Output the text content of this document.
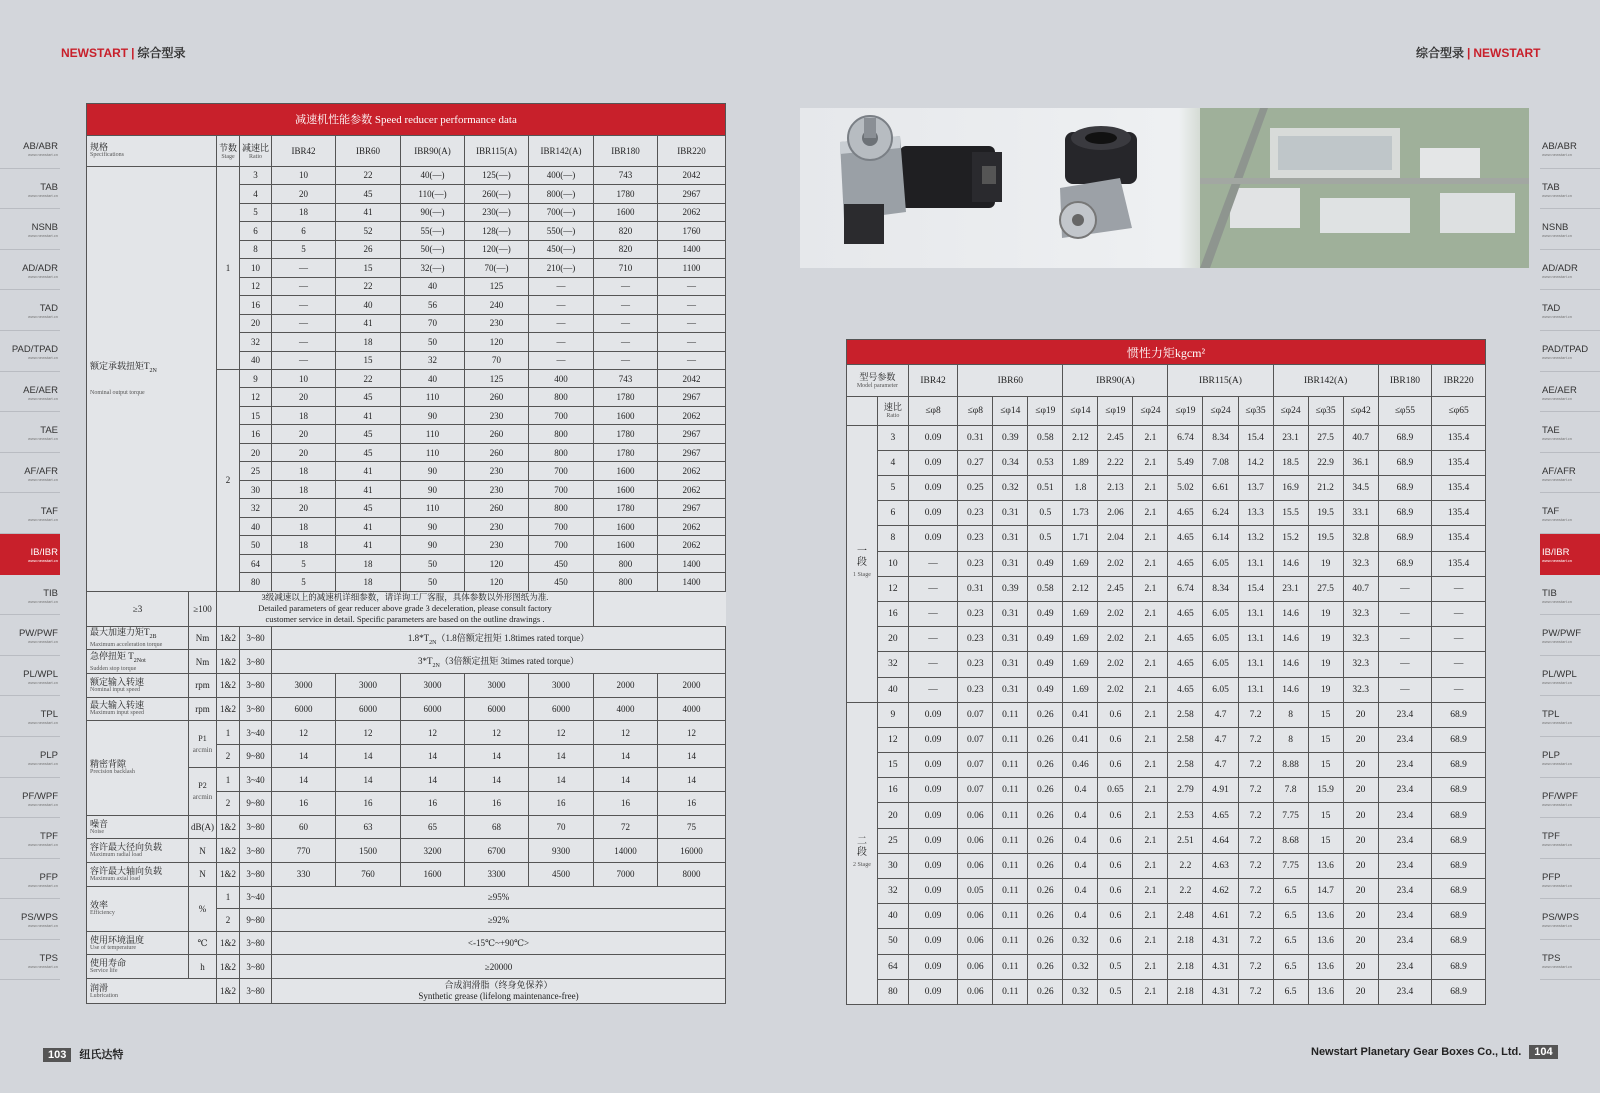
NEWSTART | 综合型录	综合型录 | NEWSTART
AB/ABR
www.newstart.cn
TAB
www.newstart.cn
NSNB
www.newstart.cn
AD/ADR
www.newstart.cn
TAD
www.newstart.cn
PAD/TPAD
www.newstart.cn
AE/AER
www.newstart.cn
TAE
www.newstart.cn
AF/AFR
www.newstart.cn
TAF
www.newstart.cn
IB/IBR
www.newstart.cn
TIB
www.newstart.cn
PW/PWF
www.newstart.cn
PL/WPL
www.newstart.cn
TPL
www.newstart.cn
PLP
www.newstart.cn
PF/WPF
www.newstart.cn
TPF
www.newstart.cn
PFP
www.newstart.cn
PS/WPS
www.newstart.cn
TPS
www.newstart.cn
AB/ABR
www.newstart.cn
TAB
www.newstart.cn
NSNB
www.newstart.cn
AD/ADR
www.newstart.cn
TAD
www.newstart.cn
PAD/TPAD
www.newstart.cn
AE/AER
www.newstart.cn
TAE
www.newstart.cn
AF/AFR
www.newstart.cn
TAF
www.newstart.cn
IB/IBR
www.newstart.cn
TIB
www.newstart.cn
PW/PWF
www.newstart.cn
PL/WPL
www.newstart.cn
TPL
www.newstart.cn
PLP
www.newstart.cn
PF/WPF
www.newstart.cn
TPF
www.newstart.cn
PFP
www.newstart.cn
PS/WPS
www.newstart.cn
TPS
www.newstart.cn
减速机性能参数 Speed reducer performance data										
规格
Specifications		节数
Stage	减速比
Ratio	IBR42	IBR60	IBR90(A)	IBR115(A)	IBR142(A)	IBR180	IBR220
额定承载扭矩$T_{2N}$

Nominal output torque		1	3	10	22	40(—)	125(—)	400(—)	743	2042
			4	20	45	110(—)	260(—)	800(—)	1780	2967
			5	18	41	90(—)	230(—)	700(—)	1600	2062
			6	6	52	55(—)	128(—)	550(—)	820	1760
			8	5	26	50(—)	120(—)	450(—)	820	1400
			10	—	15	32(—)	70(—)	210(—)	710	1100
			12	—	22	40	125	—	—	—
			16	—	40	56	240	—	—	—
			20	—	41	70	230	—	—	—
			32	—	18	50	120	—	—	—
			40	—	15	32	70	—	—	—
		2	9	10	22	40	125	400	743	2042
			12	20	45	110	260	800	1780	2967
			15	18	41	90	230	700	1600	2062
			16	20	45	110	260	800	1780	2967
			20	20	45	110	260	800	1780	2967
			25	18	41	90	230	700	1600	2062
			30	18	41	90	230	700	1600	2062
			32	20	45	110	260	800	1780	2967
			40	18	41	90	230	700	1600	2062
			50	18	41	90	230	700	1600	2062
			64	5	18	50	120	450	800	1400
			80	5	18	50	120	450	800	1400
≥3	≥100	3级减速以上的减速机详细参数，请详询工厂客服，具体参数以外形图纸为准.
Detailed parameters of gear reducer above grade 3 deceleration, please consult factory
customer service in detail. Specific parameters are based on the outline drawings .								
最大加速力矩$T_{2B}$
Maximum acceleration torque	Nm	1&2	3~80	$1.8*T_{2N}(1.8$倍额定扭矩 1.8times rated torque）						
急停扭矩 $T_{2Not}$
Sudden stop torque	Nm	1&2	3~80	$3*T_{2N}(3$倍额定扭矩 3times rated torque）						
额定输入转速
Nominal input speed	rpm	1&2	3~80	3000	3000	3000	3000	3000	2000	2000
最大输入转速
Maximum input speed	rpm	1&2	3~80	6000	6000	6000	6000	6000	4000	4000
精密背隙
Precision backlash	P1
arcmin	1	3~40	12	12	12	12	12	12	12
		2	9~80	14	14	14	14	14	14	14
	P2
arcmin	1	3~40	14	14	14	14	14	14	14
		2	9~80	16	16	16	16	16	16	16
噪音
Noise	dB(A)	1&2	3~80	60	63	65	68	70	72	75
容许最大径向负载
Maximum radial load	N	1&2	3~80	770	1500	3200	6700	9300	14000	16000
容许最大轴向负载
Maximum axial load	N	1&2	3~80	330	760	1600	3300	4500	7000	8000
效率
Efficiency	%	1	3~40	≥95%						
		2	9~80	≥92%						
使用环境温度
Use of temperature	℃	1&2	3~80	<-15℃~+90℃>						
使用寿命
Service life	h	1&2	3~80	≥20000						
润滑
Lubrication		1&2	3~80	合成润滑脂（终身免保养）
Synthetic grease (lifelong maintenance-free)						
惯性力矩kgcm²																
型号参数
Model parameter		IBR42	IBR60			IBR90(A)			IBR115(A)			IBR142(A)			IBR180	IBR220
	速比
Ratio	≤φ8	≤φ8	≤φ14	≤φ19	≤φ14	≤φ19	≤φ24	≤φ19	≤φ24	≤φ35	≤φ24	≤φ35	≤φ42	≤φ55	≤φ65
一
段
1 Stage	3	0.09	0.31	0.39	0.58	2.12	2.45	2.1	6.74	8.34	15.4	23.1	27.5	40.7	68.9	135.4
	4	0.09	0.27	0.34	0.53	1.89	2.22	2.1	5.49	7.08	14.2	18.5	22.9	36.1	68.9	135.4
	5	0.09	0.25	0.32	0.51	1.8	2.13	2.1	5.02	6.61	13.7	16.9	21.2	34.5	68.9	135.4
	6	0.09	0.23	0.31	0.5	1.73	2.06	2.1	4.65	6.24	13.3	15.5	19.5	33.1	68.9	135.4
	8	0.09	0.23	0.31	0.5	1.71	2.04	2.1	4.65	6.14	13.2	15.2	19.5	32.8	68.9	135.4
	10	—	0.23	0.31	0.49	1.69	2.02	2.1	4.65	6.05	13.1	14.6	19	32.3	68.9	135.4
	12	—	0.31	0.39	0.58	2.12	2.45	2.1	6.74	8.34	15.4	23.1	27.5	40.7	—	—
	16	—	0.23	0.31	0.49	1.69	2.02	2.1	4.65	6.05	13.1	14.6	19	32.3	—	—
	20	—	0.23	0.31	0.49	1.69	2.02	2.1	4.65	6.05	13.1	14.6	19	32.3	—	—
	32	—	0.23	0.31	0.49	1.69	2.02	2.1	4.65	6.05	13.1	14.6	19	32.3	—	—
	40	—	0.23	0.31	0.49	1.69	2.02	2.1	4.65	6.05	13.1	14.6	19	32.3	—	—
二
段
2 Stage	9	0.09	0.07	0.11	0.26	0.41	0.6	2.1	2.58	4.7	7.2	8	15	20	23.4	68.9
	12	0.09	0.07	0.11	0.26	0.41	0.6	2.1	2.58	4.7	7.2	8	15	20	23.4	68.9
	15	0.09	0.07	0.11	0.26	0.46	0.6	2.1	2.58	4.7	7.2	8.88	15	20	23.4	68.9
	16	0.09	0.07	0.11	0.26	0.4	0.65	2.1	2.79	4.91	7.2	7.8	15.9	20	23.4	68.9
	20	0.09	0.06	0.11	0.26	0.4	0.6	2.1	2.53	4.65	7.2	7.75	15	20	23.4	68.9
	25	0.09	0.06	0.11	0.26	0.4	0.6	2.1	2.51	4.64	7.2	8.68	15	20	23.4	68.9
	30	0.09	0.06	0.11	0.26	0.4	0.6	2.1	2.2	4.63	7.2	7.75	13.6	20	23.4	68.9
	32	0.09	0.05	0.11	0.26	0.4	0.6	2.1	2.2	4.62	7.2	6.5	14.7	20	23.4	68.9
	40	0.09	0.06	0.11	0.26	0.4	0.6	2.1	2.48	4.61	7.2	6.5	13.6	20	23.4	68.9
	50	0.09	0.06	0.11	0.26	0.32	0.6	2.1	2.18	4.31	7.2	6.5	13.6	20	23.4	68.9
	64	0.09	0.06	0.11	0.26	0.32	0.5	2.1	2.18	4.31	7.2	6.5	13.6	20	23.4	68.9
	80	0.09	0.06	0.11	0.26	0.32	0.5	2.1	2.18	4.31	7.2	6.5	13.6	20	23.4	68.9
103 纽氏达特	Newstart Planetary Gear Boxes Co., Ltd. 104
